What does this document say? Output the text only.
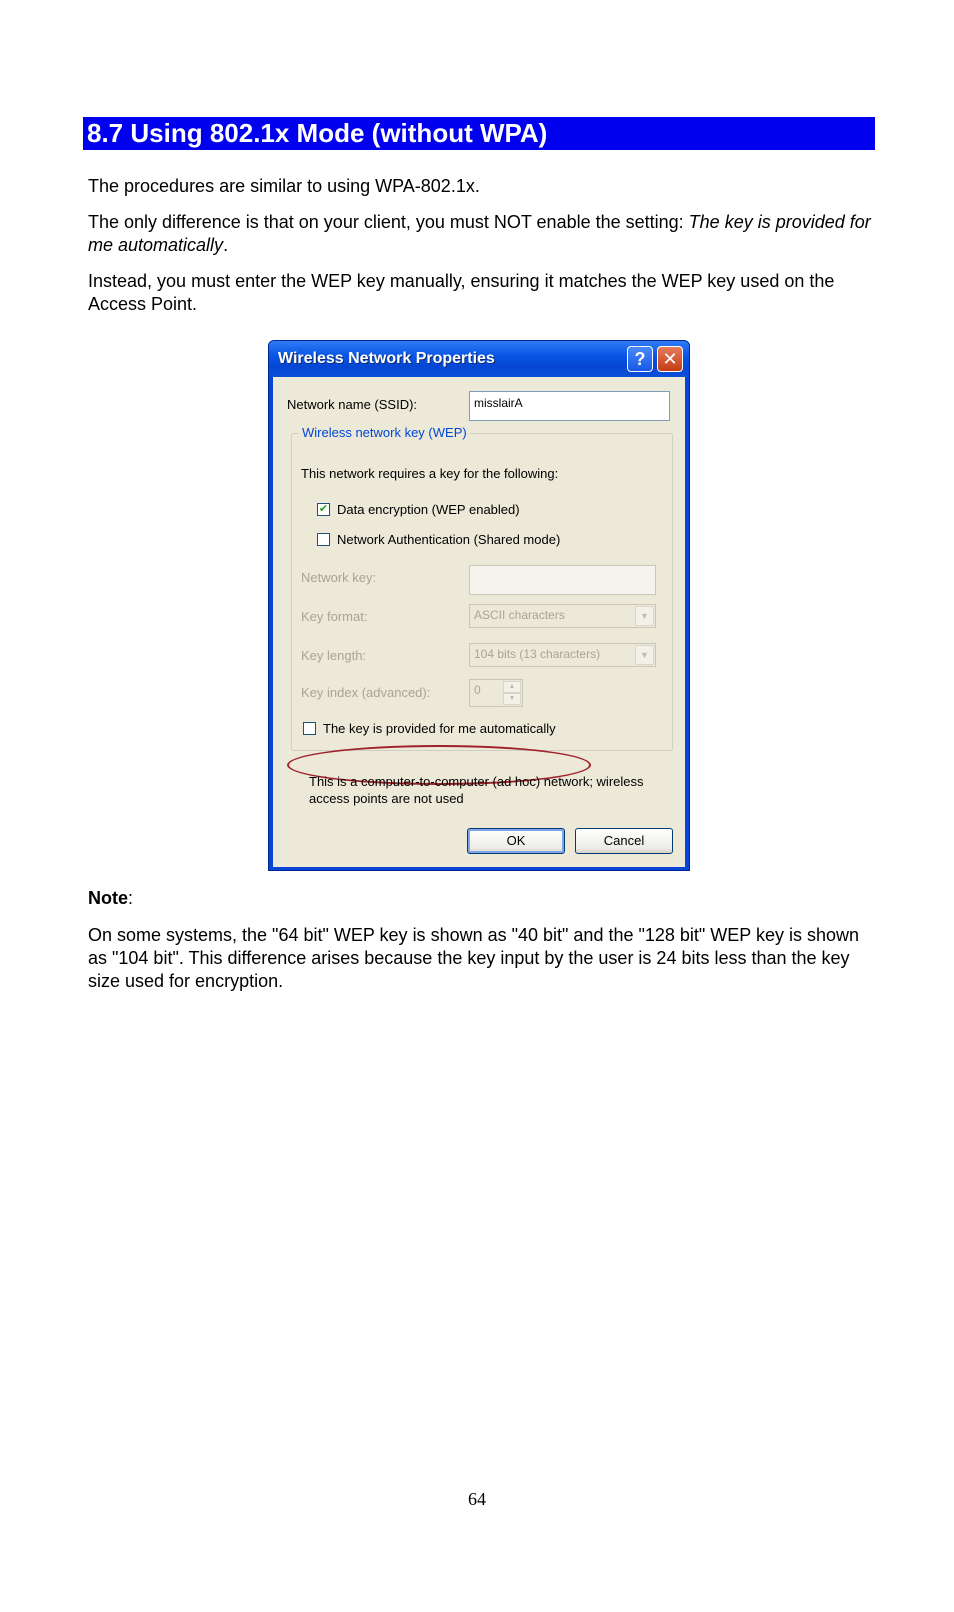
8.7 Using 802.1x Mode (without WPA)

The procedures are similar to using WPA-802.1x.

The only difference is that on your client, you must NOT enable the setting: The key is provided for me automatically.

Instead, you must enter the WEP key manually, ensuring it matches the WEP key used on the Access Point.

Wireless Network Properties	? ✕
Network name (SSID):	misslairA
Wireless network key (WEP)
This network requires a key for the following:
✔ Data encryption (WEP enabled)
Network Authentication (Shared mode)
Network key:
Key format:	ASCII characters	▼
Key length:	104 bits (13 characters)	▼
Key index (advanced):	0	▲
▼
The key is provided for me automatically
This is a computer-to-computer (ad hoc) network; wireless
access points are not used
OK	Cancel

Note:

On some systems, the "64 bit" WEP key is shown as "40 bit" and the "128 bit" WEP key is shown as "104 bit". This difference arises because the key input by the user is 24 bits less than the key size used for encryption.

64
